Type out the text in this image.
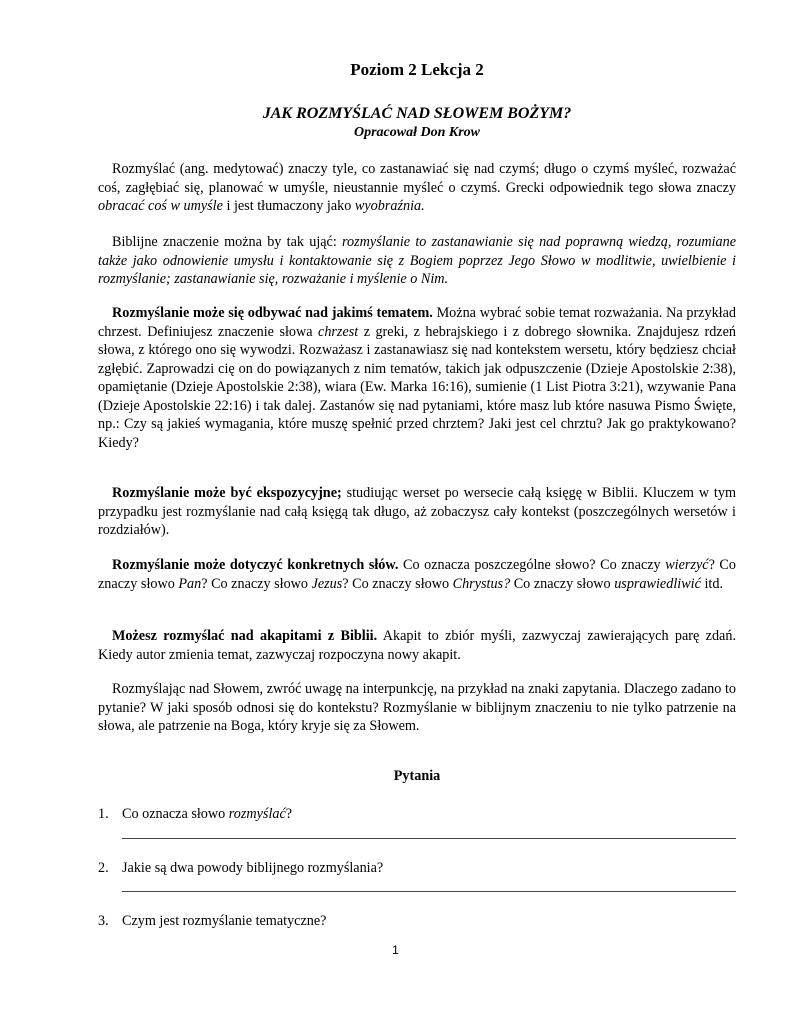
Poziom 2 Lekcja 2
JAK ROZMYŚLAĆ NAD SŁOWEM BOŻYM?
Opracował Don Krow
Rozmyślać (ang. medytować) znaczy tyle, co zastanawiać się nad czymś; długo o czymś myśleć, rozważać coś, zagłębiać się, planować w umyśle, nieustannie myśleć o czymś. Grecki odpowiednik tego słowa znaczy obracać coś w umyśle i jest tłumaczony jako wyobraźnia.
Biblijne znaczenie można by tak ująć: rozmyślanie to zastanawianie się nad poprawną wiedzą, rozumiane także jako odnowienie umysłu i kontaktowanie się z Bogiem poprzez Jego Słowo w modlitwie, uwielbienie i rozmyślanie; zastanawianie się, rozważanie i myślenie o Nim.
Rozmyślanie może się odbywać nad jakimś tematem. Można wybrać sobie temat rozważania. Na przykład chrzest. Definiujesz znaczenie słowa chrzest z greki, z hebrajskiego i z dobrego słownika. Znajdujesz rdzeń słowa, z którego ono się wywodzi. Rozważasz i zastanawiasz się nad kontekstem wersetu, który będziesz chciał zgłębić. Zaprowadzi cię on do powiązanych z nim tematów, takich jak odpuszczenie (Dzieje Apostolskie 2:38), opamiętanie (Dzieje Apostolskie 2:38), wiara (Ew. Marka 16:16), sumienie (1 List Piotra 3:21), wzywanie Pana (Dzieje Apostolskie 22:16) i tak dalej. Zastanów się nad pytaniami, które masz lub które nasuwa Pismo Święte, np.: Czy są jakieś wymagania, które muszę spełnić przed chrztem? Jaki jest cel chrztu? Jak go praktykowano? Kiedy?
Rozmyślanie może być ekspozycyjne; studiując werset po wersecie całą księgę w Biblii. Kluczem w tym przypadku jest rozmyślanie nad całą księgą tak długo, aż zobaczysz cały kontekst (poszczególnych wersetów i rozdziałów).
Rozmyślanie może dotyczyć konkretnych słów. Co oznacza poszczególne słowo? Co znaczy wierzyć? Co znaczy słowo Pan? Co znaczy słowo Jezus? Co znaczy słowo Chrystus? Co znaczy słowo usprawiedliwić itd.
Możesz rozmyślać nad akapitami z Biblii. Akapit to zbiór myśli, zazwyczaj zawierających parę zdań. Kiedy autor zmienia temat, zazwyczaj rozpoczyna nowy akapit.
Rozmyślając nad Słowem, zwróć uwagę na interpunkcję, na przykład na znaki zapytania. Dlaczego zadano to pytanie? W jaki sposób odnosi się do kontekstu? Rozmyślanie w biblijnym znaczeniu to nie tylko patrzenie na słowa, ale patrzenie na Boga, który kryje się za Słowem.
Pytania
1. Co oznacza słowo rozmyślać?
2. Jakie są dwa powody biblijnego rozmyślania?
3. Czym jest rozmyślanie tematyczne?
1
